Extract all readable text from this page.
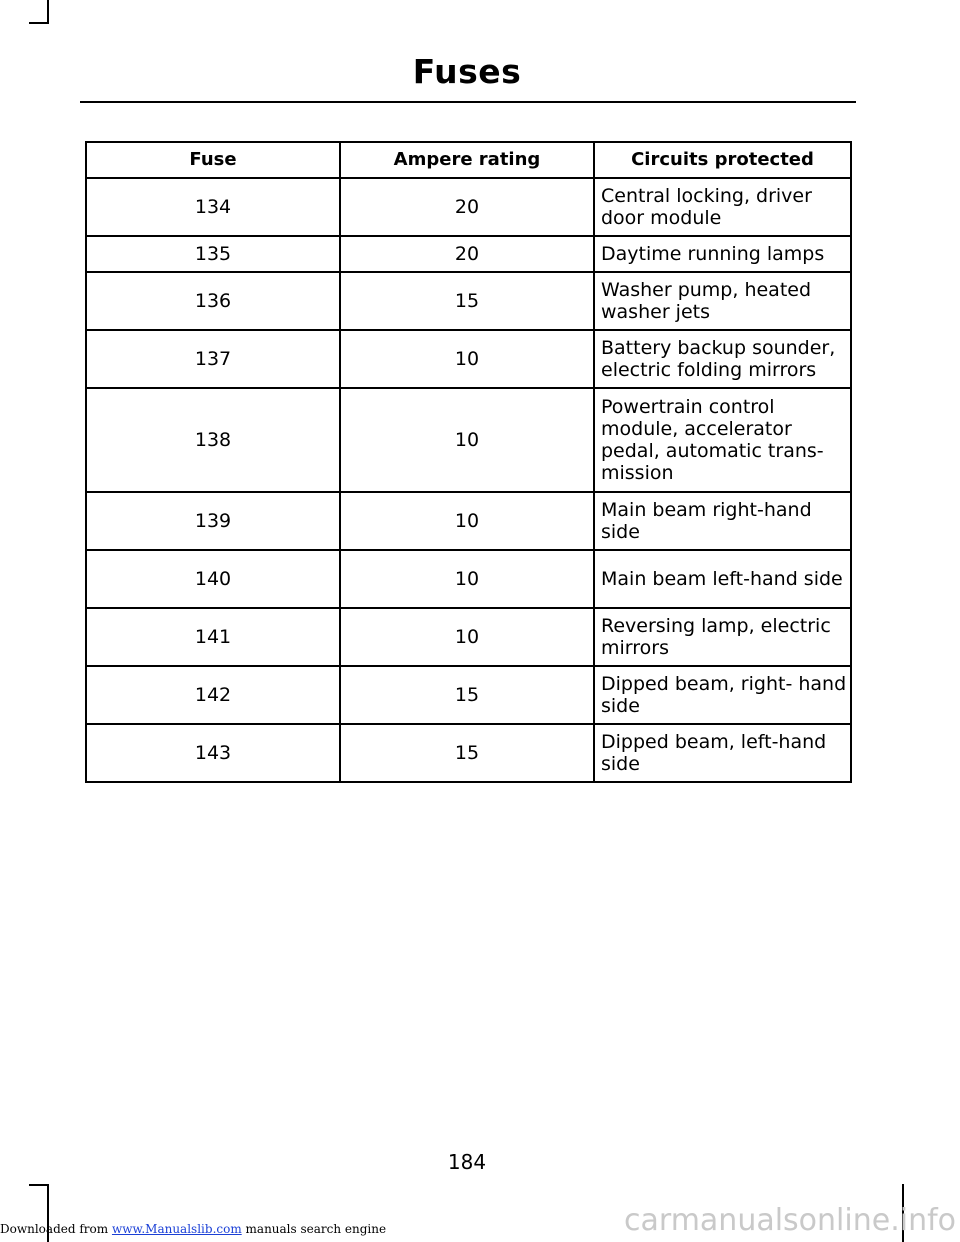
Fuses
Fuse	Ampere rating	Circuits protected
134	20	Central locking, driver door module
135	20	Daytime running lamps
136	15	Washer pump, heated washer jets
137	10	Battery backup sounder, electric folding mirrors
138	10	Powertrain control module, accelerator pedal, automatic trans- mission
139	10	Main beam right-hand side
140	10	Main beam left-hand side
141	10	Reversing lamp, electric mirrors
142	15	Dipped beam, right- hand side
143	15	Dipped beam, left-hand side
184
Downloaded from www.Manualslib.com manuals search engine	carmanualsonline.info
